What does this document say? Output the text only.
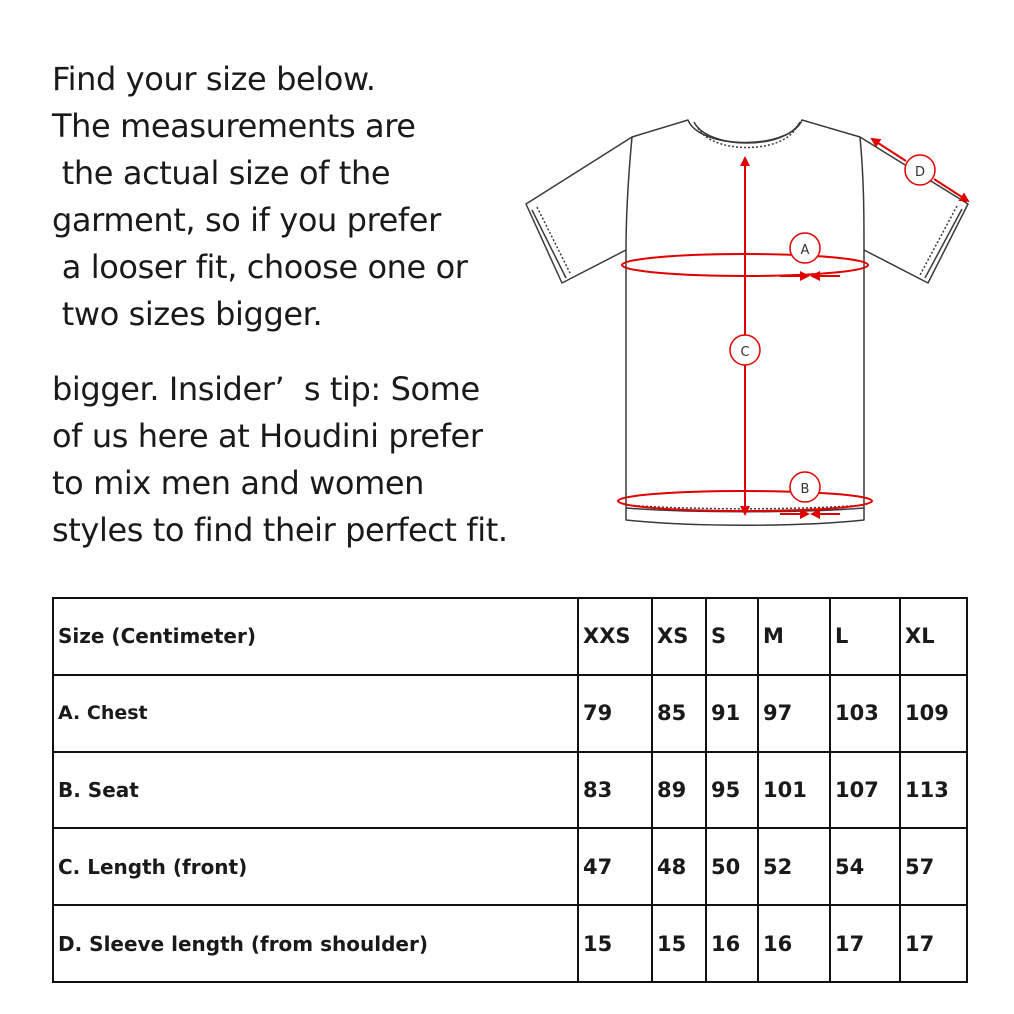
Find your size below.
The measurements are
the actual size of the
garment, so if you prefer
a looser fit, choose one or
two sizes bigger.
bigger. Insider’  s tip: Some
of us here at Houdini prefer
to mix men and women
styles to find their perfect fit.
A
B
C
D
Size (Centimeter)	XXS	XS	S	M	L	XL
A. Chest	79	85	91	97	103	109
B. Seat	83	89	95	101	107	113
C. Length (front)	47	48	50	52	54	57
D. Sleeve length (from shoulder)	15	15	16	16	17	17
